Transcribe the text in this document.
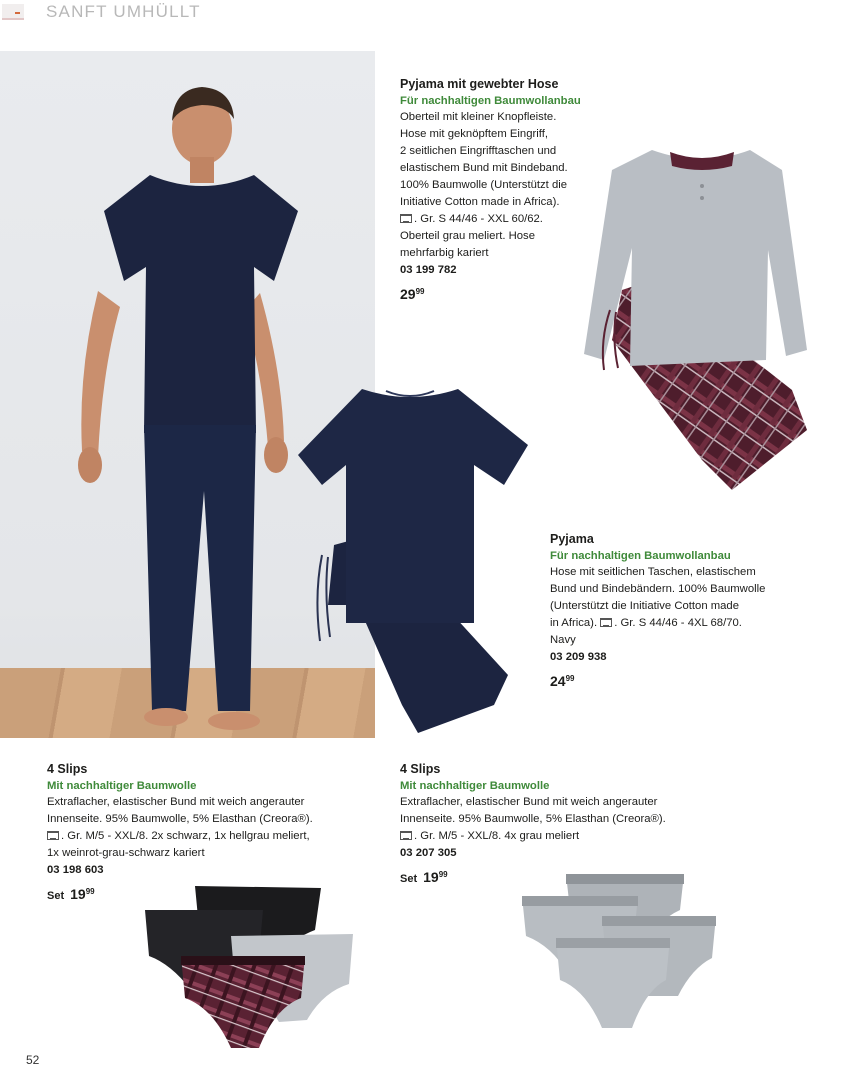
SANFT UMHÜLLT
Pyjama mit gewebter Hose
Für nachhaltigen Baumwollanbau
Oberteil mit kleiner Knopfleiste.
Hose mit geknöpftem Eingriff,
2 seitlichen Eingrifftaschen und
elastischem Bund mit Bindeband.
100% Baumwolle (Unterstützt die
Initiative Cotton made in Africa).
. Gr. S 44/46 - XXL 60/62.
Oberteil grau meliert. Hose
mehrfarbig kariert
03 199 782
$29^{99}$
Pyjama
Für nachhaltigen Baumwollanbau
Hose mit seitlichen Taschen, elastischem
Bund und Bindebändern. 100% Baumwolle
(Unterstützt die Initiative Cotton made
in Africa). . Gr. S 44/46 - 4XL 68/70.
Navy
03 209 938
$24^{99}$
4 Slips
Mit nachhaltiger Baumwolle
Extraflacher, elastischer Bund mit weich angerauter
Innenseite. 95% Baumwolle, 5% Elasthan (Creora®).
. Gr. M/5 - XXL/8. 2x schwarz, 1x hellgrau meliert,
1x weinrot-grau-schwarz kariert
03 198 603
Set $19^{99}$
4 Slips
Mit nachhaltiger Baumwolle
Extraflacher, elastischer Bund mit weich angerauter
Innenseite. 95% Baumwolle, 5% Elasthan (Creora®).
. Gr. M/5 - XXL/8. 4x grau meliert
03 207 305
Set $19^{99}$
52
